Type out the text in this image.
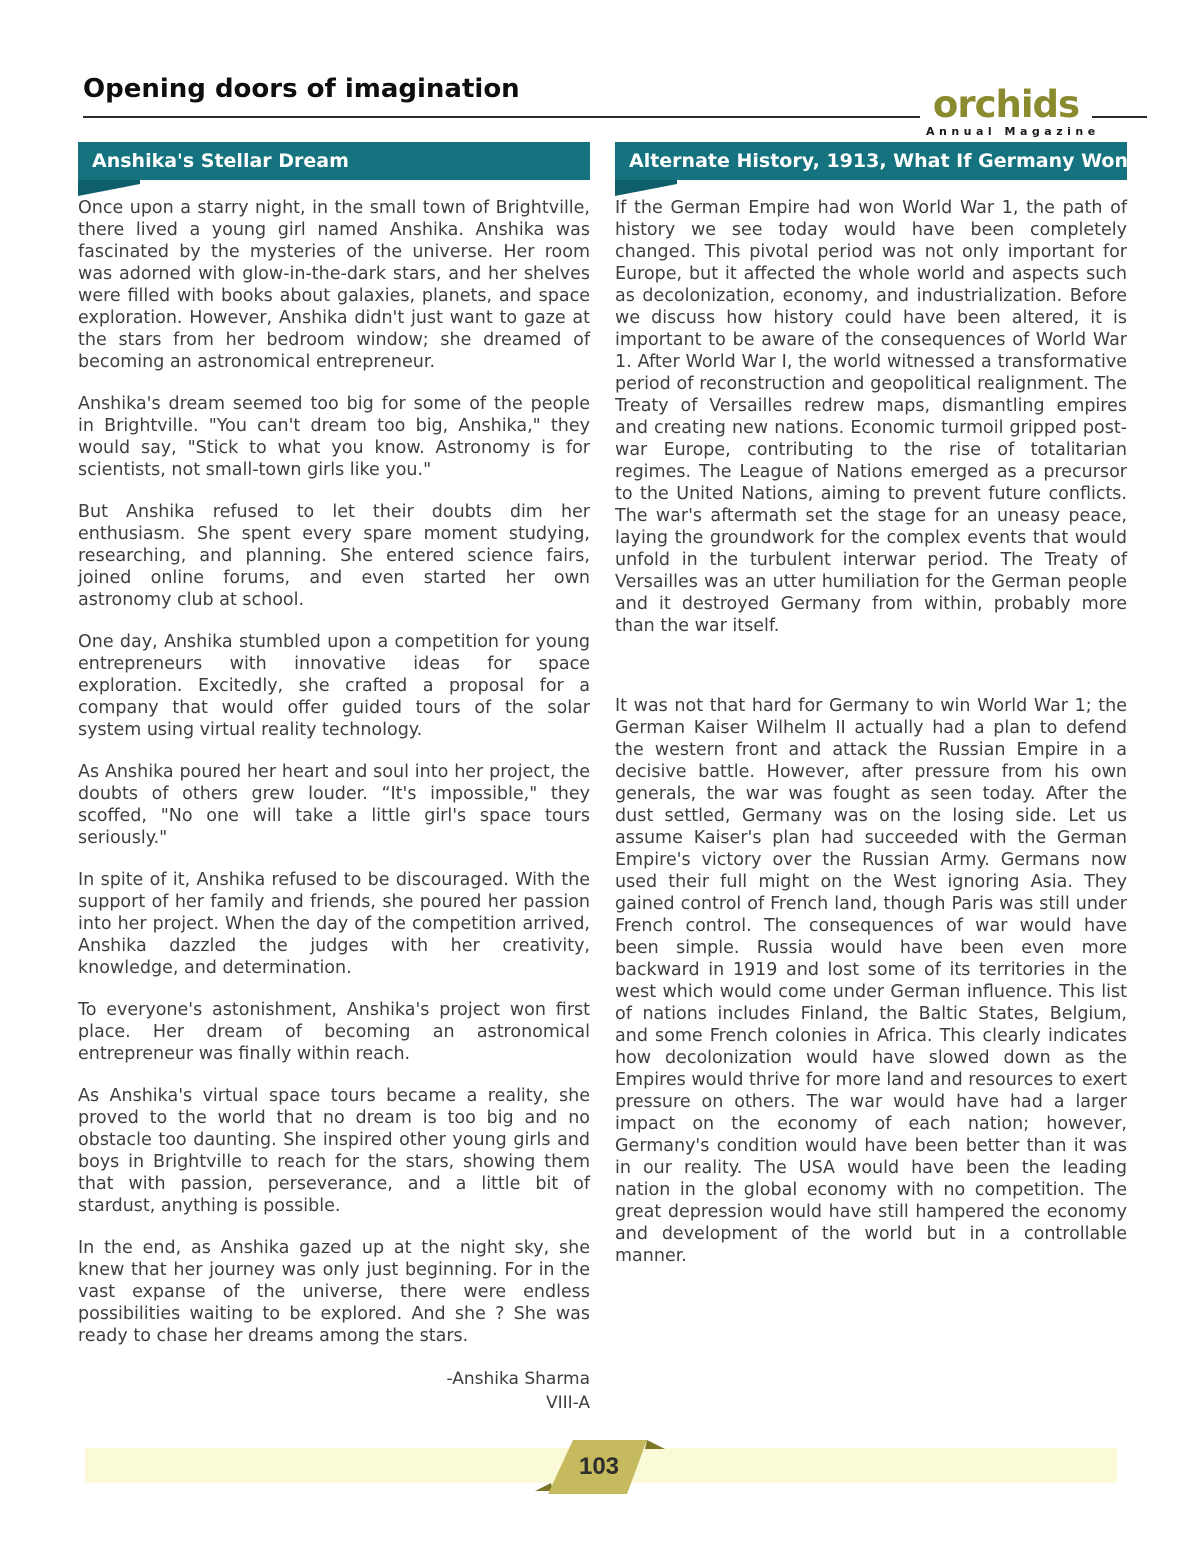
Opening doors of imagination	orchids
Annual Magazine
Anshika's Stellar Dream

Once upon a starry night, in the small town of Brightville, there lived a young girl named Anshika. Anshika was fascinated by the mysteries of the universe. Her room was adorned with glow-in-the-dark stars, and her shelves were filled with books about galaxies, planets, and space exploration. However, Anshika didn't just want to gaze at the stars from her bedroom window; she dreamed of becoming an astronomical entrepreneur.

Anshika's dream seemed too big for some of the people in Brightville. "You can't dream too big, Anshika," they would say, "Stick to what you know. Astronomy is for scientists, not small-town girls like you."

But Anshika refused to let their doubts dim her enthusiasm. She spent every spare moment studying, researching, and planning. She entered science fairs, joined online forums, and even started her own astronomy club at school.

One day, Anshika stumbled upon a competition for young entrepreneurs with innovative ideas for space exploration. Excitedly, she crafted a proposal for a company that would offer guided tours of the solar system using virtual reality technology.

As Anshika poured her heart and soul into her project, the doubts of others grew louder. “It's impossible," they scoffed, "No one will take a little girl's space tours seriously."

In spite of it, Anshika refused to be discouraged. With the support of her family and friends, she poured her passion into her project. When the day of the competition arrived, Anshika dazzled the judges with her creativity, knowledge, and determination.

To everyone's astonishment, Anshika's project won first place. Her dream of becoming an astronomical entrepreneur was finally within reach.

As Anshika's virtual space tours became a reality, she proved to the world that no dream is too big and no obstacle too daunting. She inspired other young girls and boys in Brightville to reach for the stars, showing them that with passion, perseverance, and a little bit of stardust, anything is possible.

In the end, as Anshika gazed up at the night sky, she knew that her journey was only just beginning. For in the vast expanse of the universe, there were endless possibilities waiting to be explored. And she ? She was ready to chase her dreams among the stars.

-Anshika Sharma
VIII-A
Alternate History, 1913, What If Germany Won WWI

If the German Empire had won World War 1, the path of history we see today would have been completely changed. This pivotal period was not only important for Europe, but it affected the whole world and aspects such as decolonization, economy, and industrialization. Before we discuss how history could have been altered, it is important to be aware of the consequences of World War 1. After World War I, the world witnessed a transformative period of reconstruction and geopolitical realignment. The Treaty of Versailles redrew maps, dismantling empires and creating new nations. Economic turmoil gripped post-war Europe, contributing to the rise of totalitarian regimes. The League of Nations emerged as a precursor to the United Nations, aiming to prevent future conflicts. The war's aftermath set the stage for an uneasy peace, laying the groundwork for the complex events that would unfold in the turbulent interwar period. The Treaty of Versailles was an utter humiliation for the German people and it destroyed Germany from within, probably more than the war itself.

It was not that hard for Germany to win World War 1; the German Kaiser Wilhelm II actually had a plan to defend the western front and attack the Russian Empire in a decisive battle. However, after pressure from his own generals, the war was fought as seen today. After the dust settled, Germany was on the losing side. Let us assume Kaiser's plan had succeeded with the German Empire's victory over the Russian Army. Germans now used their full might on the West ignoring Asia. They gained control of French land, though Paris was still under French control. The consequences of war would have been simple. Russia would have been even more backward in 1919 and lost some of its territories in the west which would come under German influence. This list of nations includes Finland, the Baltic States, Belgium, and some French colonies in Africa. This clearly indicates how decolonization would have slowed down as the Empires would thrive for more land and resources to exert pressure on others. The war would have had a larger impact on the economy of each nation; however, Germany's condition would have been better than it was in our reality. The USA would have been the leading nation in the global economy with no competition. The great depression would have still hampered the economy and development of the world but in a controllable manner.

103
